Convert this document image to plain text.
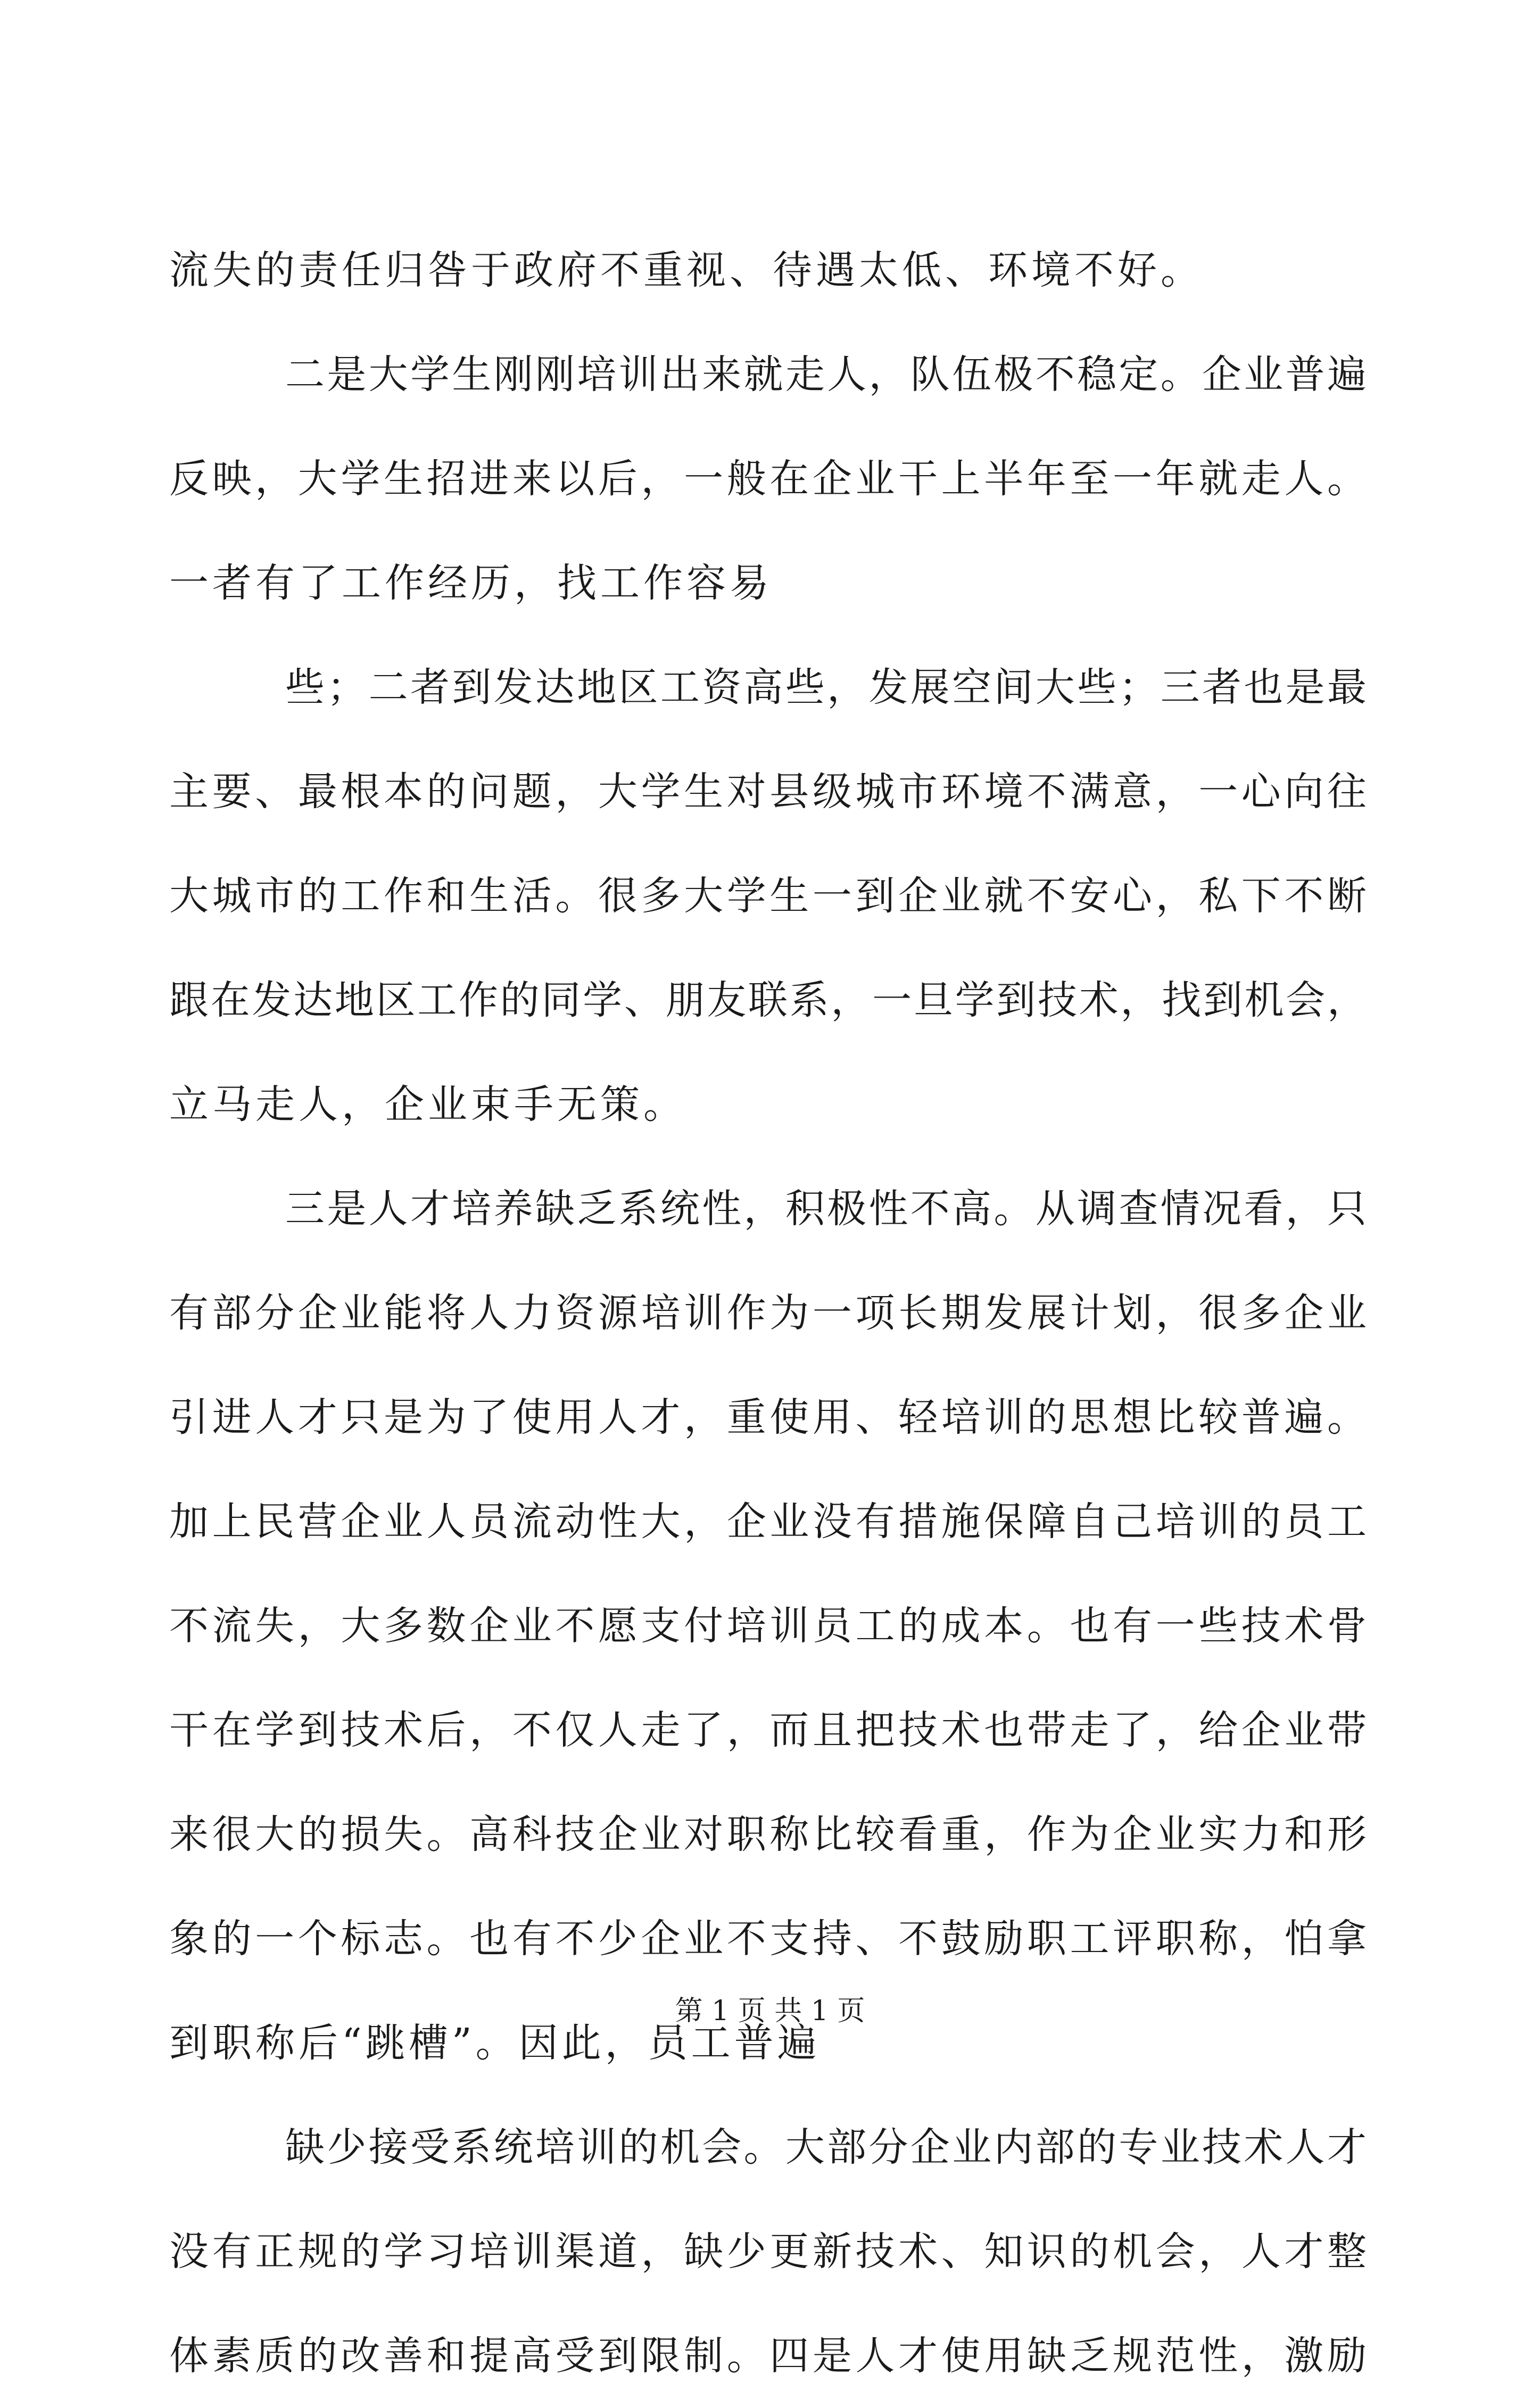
流失的责任归咎于政府不重视、待遇太低、环境不好。
二是大学生刚刚培训出来就走人，队伍极不稳定。企业普遍
反映，大学生招进来以后，一般在企业干上半年至一年就走人。
一者有了工作经历，找工作容易
些；二者到发达地区工资高些，发展空间大些；三者也是最
主要、最根本的问题，大学生对县级城市环境不满意，一心向往
大城市的工作和生活。很多大学生一到企业就不安心，私下不断
跟在发达地区工作的同学、朋友联系，一旦学到技术，找到机会，
立马走人，企业束手无策。
三是人才培养缺乏系统性，积极性不高。从调查情况看，只
有部分企业能将人力资源培训作为一项长期发展计划，很多企业
引进人才只是为了使用人才，重使用、轻培训的思想比较普遍。
加上民营企业人员流动性大，企业没有措施保障自己培训的员工
不流失，大多数企业不愿支付培训员工的成本。也有一些技术骨
干在学到技术后，不仅人走了，而且把技术也带走了，给企业带
来很大的损失。高科技企业对职称比较看重，作为企业实力和形
象的一个标志。也有不少企业不支持、不鼓励职工评职称，怕拿
到职称后“跳槽”。因此，员工普遍
缺少接受系统培训的机会。大部分企业内部的专业技术人才
没有正规的学习培训渠道，缺少更新技术、知识的机会，人才整
体素质的改善和提高受到限制。四是人才使用缺乏规范性，激励
第 1 页 共 1 页
